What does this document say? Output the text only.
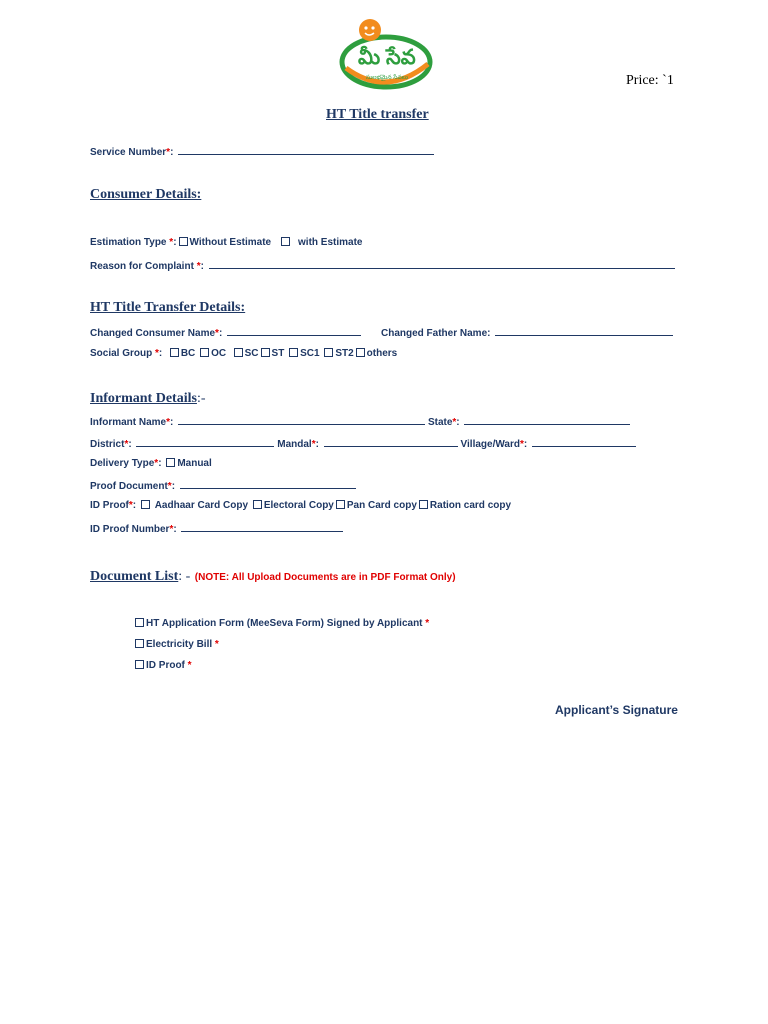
మీ సేవ
సులభమైన సేవలు	Price: `1
HT Title transfer
Service Number*:
Consumer Details:
Estimation Type *: Without Estimate	with Estimate
Reason for Complaint *:
HT Title Transfer Details:
Changed Consumer Name*:	Changed Father Name:
Social Group *: BC OC SC ST SC1 ST2 others
Informant Details:-
Informant Name*:	State*:
District*:	Mandal*:	Village/Ward*:
Delivery Type*: Manual
Proof Document*:
ID Proof*: Aadhaar Card Copy Electoral Copy Pan Card copy Ration card copy
ID Proof Number*:
Document List: - (NOTE: All Upload Documents are in PDF Format Only)
HT Application Form (MeeSeva Form) Signed by Applicant *
Electricity Bill *
ID Proof *
Applicant’s Signature
